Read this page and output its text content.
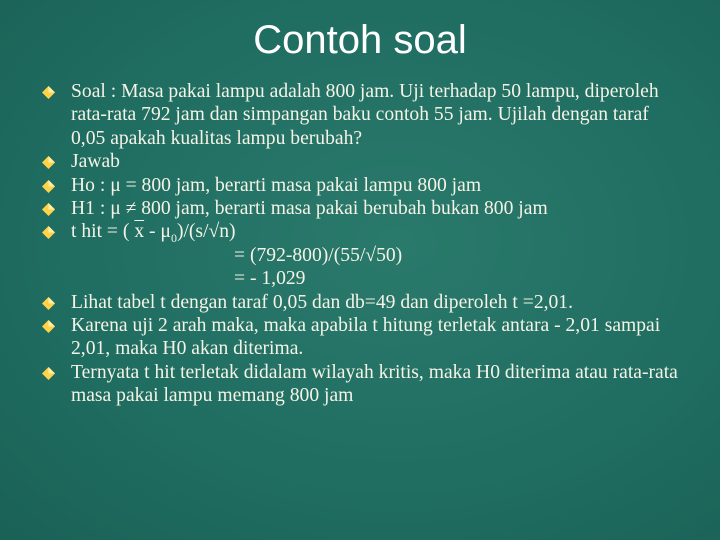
Contoh soal
Soal : Masa pakai lampu adalah 800 jam. Uji terhadap 50 lampu, diperoleh rata-rata 792 jam dan simpangan baku contoh 55 jam. Ujilah dengan taraf 0,05 apakah kualitas lampu berubah?
Jawab
Ho : μ = 800 jam, berarti masa pakai lampu 800 jam
H1 : μ ≠ 800 jam, berarti masa pakai berubah bukan 800 jam
t hit = ( $\overline{x} - \mu_0)/(s/√n)$
= (792-800)/(55/√50)
= - 1,029
Lihat tabel t dengan taraf 0,05 dan db=49 dan diperoleh t =2,01.
Karena uji 2 arah maka, maka apabila t hitung terletak antara - 2,01 sampai 2,01, maka H0 akan diterima.
Ternyata t hit terletak didalam wilayah kritis, maka H0 diterima atau rata-rata masa pakai lampu memang 800 jam
